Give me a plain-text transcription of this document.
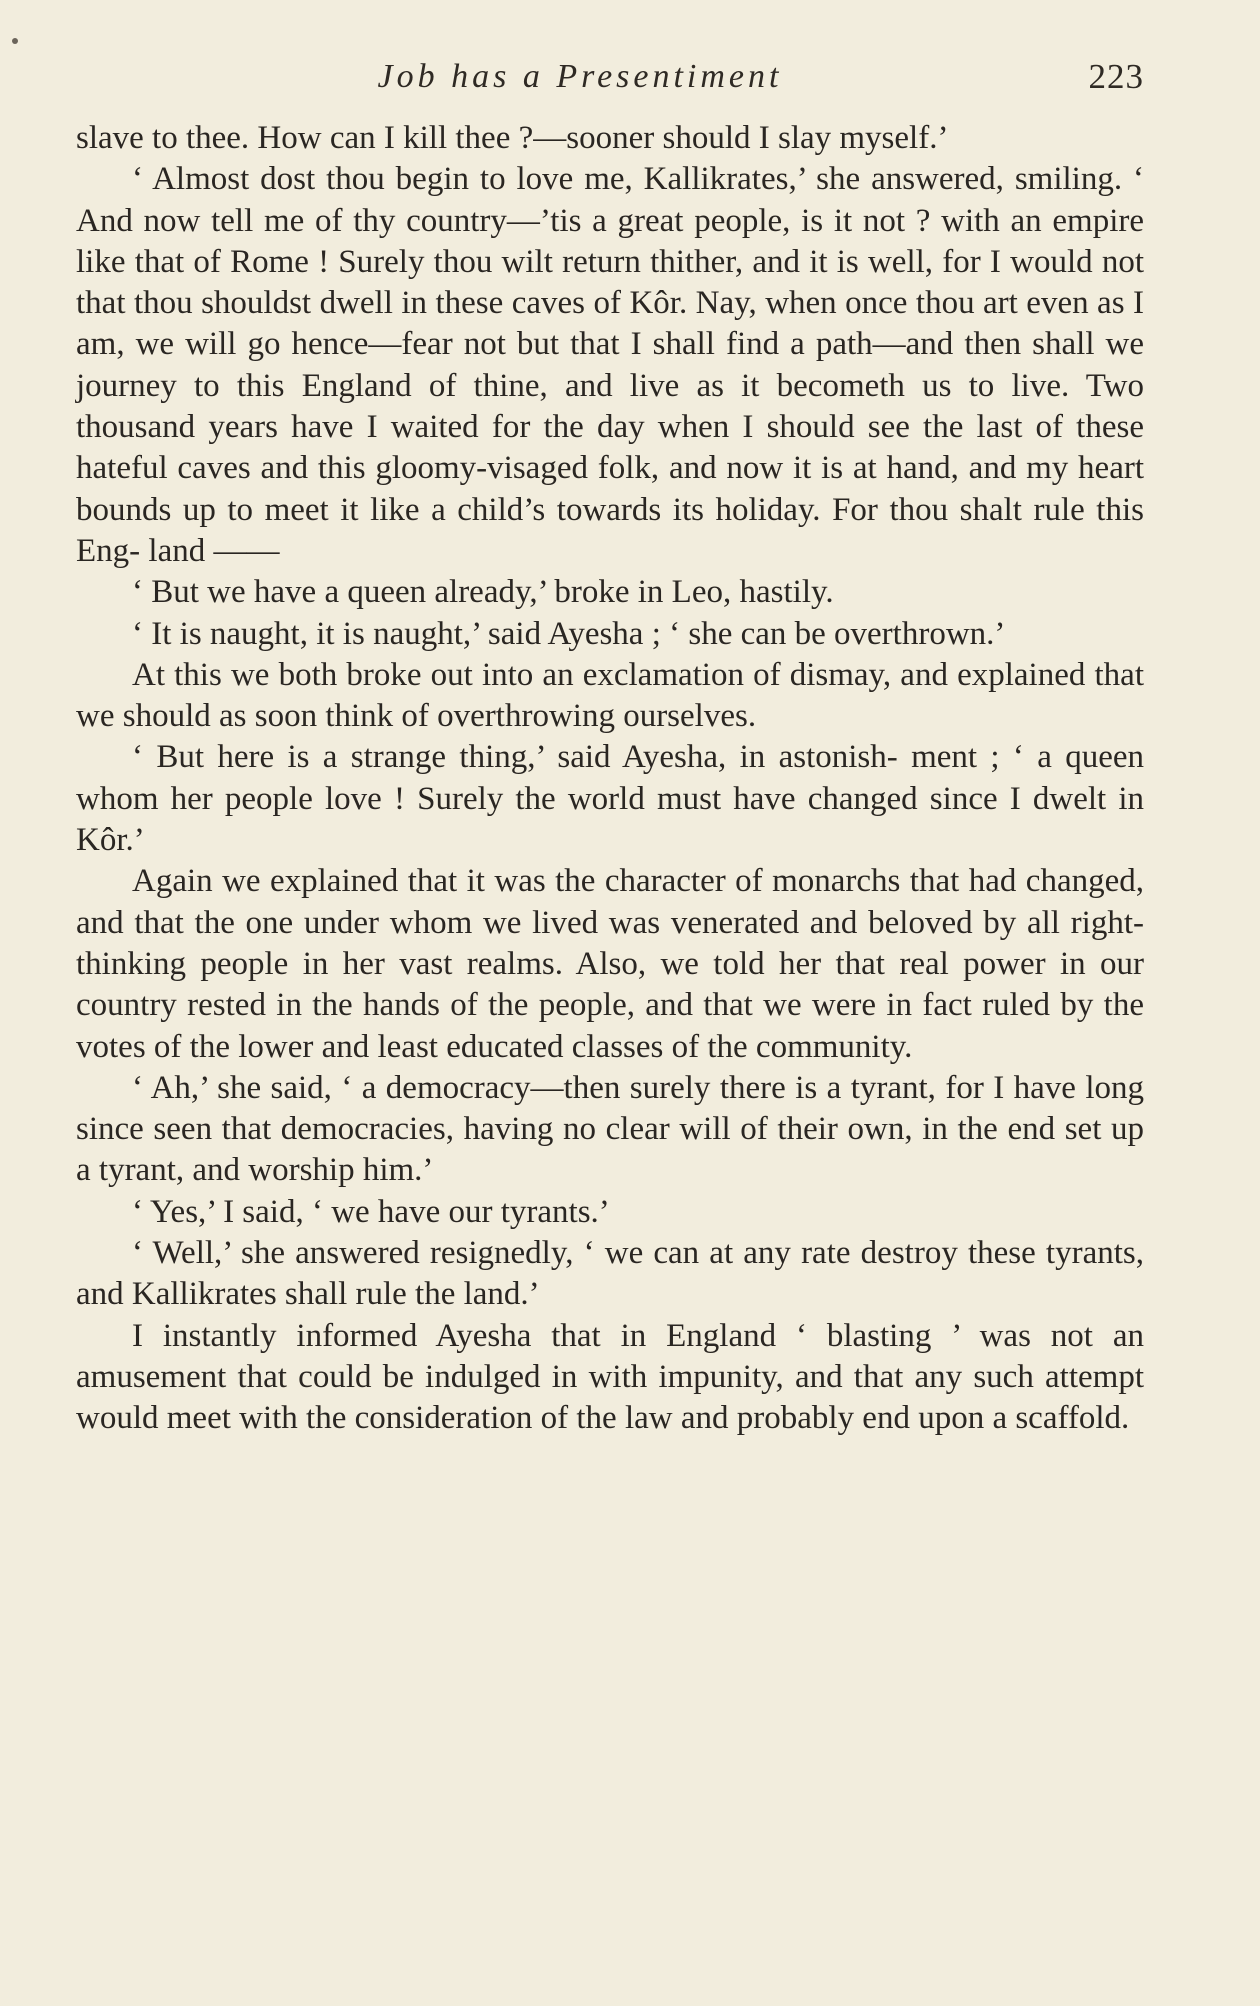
Job has a Presentiment	223

slave to thee. How can I kill thee ?—sooner should I slay myself.’

‘ Almost dost thou begin to love me, Kallikrates,’ she answered, smiling. ‘ And now tell me of thy country—’tis a great people, is it not ? with an empire like that of Rome ! Surely thou wilt return thither, and it is well, for I would not that thou shouldst dwell in these caves of Kôr. Nay, when once thou art even as I am, we will go hence—fear not but that I shall find a path—and then shall we journey to this England of thine, and live as it becometh us to live. Two thousand years have I waited for the day when I should see the last of these hateful caves and this gloomy-visaged folk, and now it is at hand, and my heart bounds up to meet it like a child’s towards its holiday. For thou shalt rule this Eng- land ——

‘ But we have a queen already,’ broke in Leo, hastily.

‘ It is naught, it is naught,’ said Ayesha ; ‘ she can be overthrown.’

At this we both broke out into an exclamation of dismay, and explained that we should as soon think of overthrowing ourselves.

‘ But here is a strange thing,’ said Ayesha, in astonish- ment ; ‘ a queen whom her people love ! Surely the world must have changed since I dwelt in Kôr.’

Again we explained that it was the character of monarchs that had changed, and that the one under whom we lived was venerated and beloved by all right-thinking people in her vast realms. Also, we told her that real power in our country rested in the hands of the people, and that we were in fact ruled by the votes of the lower and least educated classes of the community.

‘ Ah,’ she said, ‘ a democracy—then surely there is a tyrant, for I have long since seen that democracies, having no clear will of their own, in the end set up a tyrant, and worship him.’

‘ Yes,’ I said, ‘ we have our tyrants.’

‘ Well,’ she answered resignedly, ‘ we can at any rate destroy these tyrants, and Kallikrates shall rule the land.’

I instantly informed Ayesha that in England ‘ blasting ’ was not an amusement that could be indulged in with impunity, and that any such attempt would meet with the consideration of the law and probably end upon a scaffold.
